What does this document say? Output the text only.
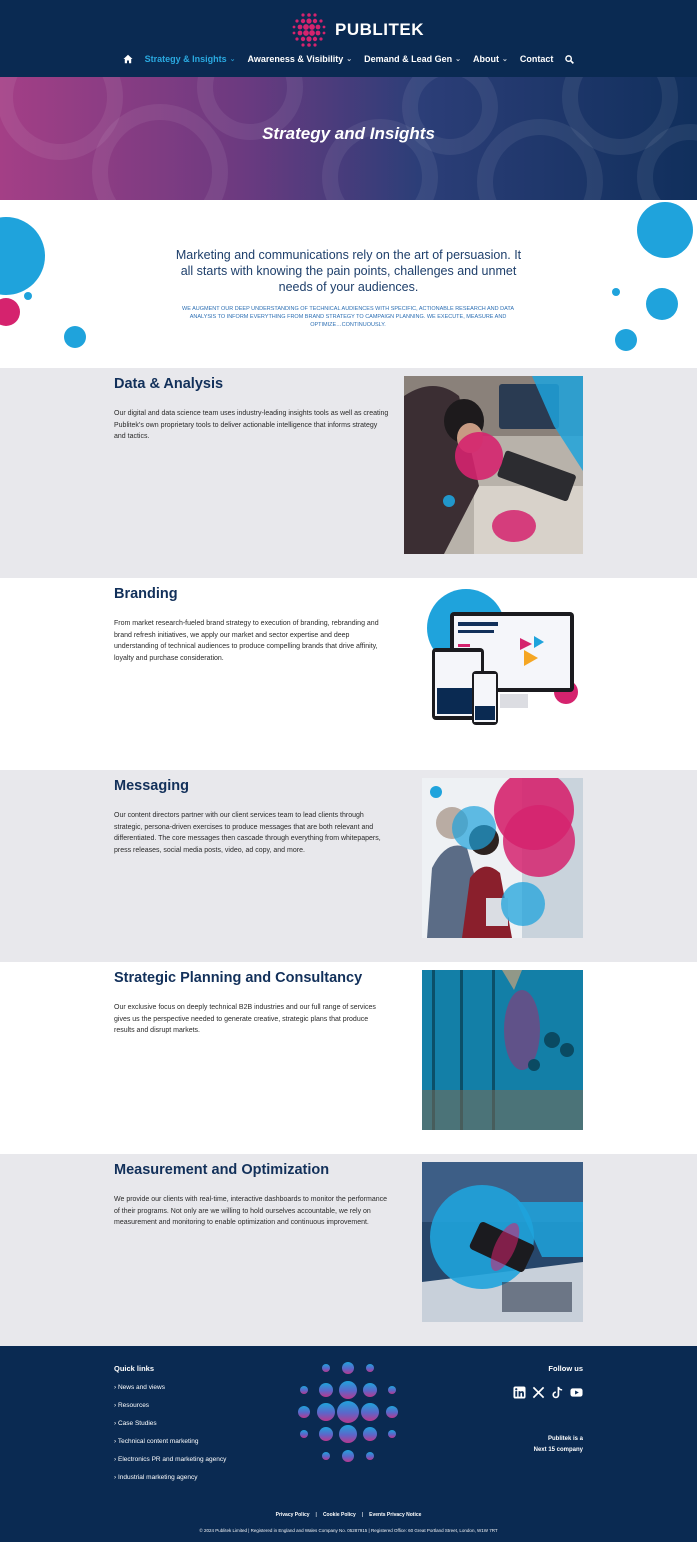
PUBLITEK
Strategy & Insights ⌄ Awareness & Visibility ⌄ Demand & Lead Gen ⌄ About ⌄ Contact
Strategy and Insights

Marketing and communications rely on the art of persuasion. It all starts with knowing the pain points, challenges and unmet needs of your audiences.

WE AUGMENT OUR DEEP UNDERSTANDING OF TECHNICAL AUDIENCES WITH SPECIFIC, ACTIONABLE RESEARCH AND DATA ANALYSIS TO INFORM EVERYTHING FROM BRAND STRATEGY TO CAMPAIGN PLANNING. WE EXECUTE, MEASURE AND OPTIMIZE…CONTINUOUSLY.

Data & Analysis

Our digital and data science team uses industry-leading insights tools as well as creating Publitek’s own proprietary tools to deliver actionable intelligence that informs strategy and tactics.

Branding

From market research-fueled brand strategy to execution of branding, rebranding and brand refresh initiatives, we apply our market and sector expertise and deep understanding of technical audiences to produce compelling brands that drive affinity, loyalty and purchase consideration.

Messaging

Our content directors partner with our client services team to lead clients through strategic, persona-driven exercises to produce messages that are both relevant and differentiated. The core messages then cascade through everything from whitepapers, press releases, social media posts, video, ad copy, and more.

Strategic Planning and Consultancy

Our exclusive focus on deeply technical B2B industries and our full range of services gives us the perspective needed to generate creative, strategic plans that produce results and disrupt markets.

Measurement and Optimization

We provide our clients with real-time, interactive dashboards to monitor the performance of their programs. Not only are we willing to hold ourselves accountable, we rely on measurement and monitoring to enable optimization and continuous improvement.

Quick links
› News and views
› Resources
› Case Studies
› Technical content marketing
› Electronics PR and marketing agency
› Industrial marketing agency
Follow us
Publitek is a
Next 15 company
Privacy Policy | Cookie Policy | Events Privacy Notice
© 2024 Publitek Limited | Registered in England and Wales Company No. 05287915 | Registered Office: 60 Great Portland Street, London, W1W 7RT
